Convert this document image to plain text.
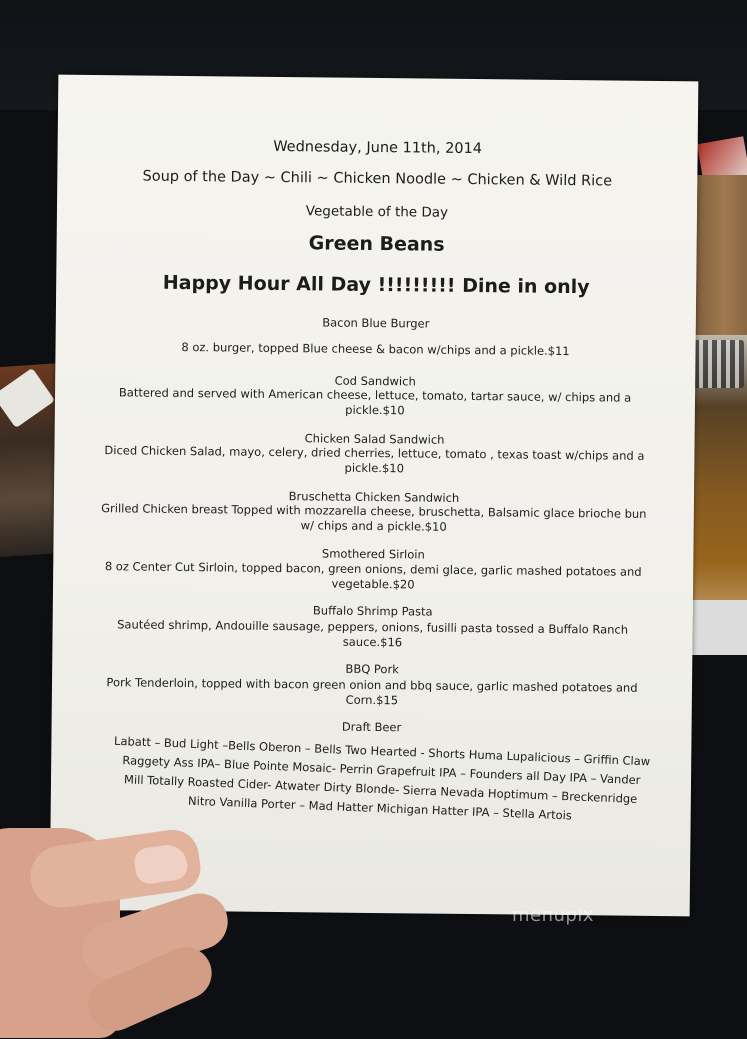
Wednesday, June 11th, 2014
Soup of the Day ~ Chili ~ Chicken Noodle ~ Chicken & Wild Rice
Vegetable of the Day
Green Beans
Happy Hour All Day !!!!!!!!! Dine in only
Bacon Blue Burger
8 oz. burger, topped Blue cheese & bacon w/chips and a pickle.$11
Cod Sandwich
Battered and served with American cheese, lettuce, tomato, tartar sauce, w/ chips and a pickle.$10
Chicken Salad Sandwich
Diced Chicken Salad, mayo, celery, dried cherries, lettuce, tomato , texas toast w/chips and a pickle.$10
Bruschetta Chicken Sandwich
Grilled Chicken breast Topped with mozzarella cheese, bruschetta, Balsamic glace brioche bun w/ chips and a pickle.$10
Smothered Sirloin
8 oz Center Cut Sirloin, topped bacon, green onions, demi glace, garlic mashed potatoes and vegetable.$20
Buffalo Shrimp Pasta
Sautéed shrimp, Andouille sausage, peppers, onions, fusilli pasta tossed a Buffalo Ranch sauce.$16
BBQ Pork
Pork Tenderloin, topped with bacon green onion and bbq sauce, garlic mashed potatoes and Corn.$15
Draft Beer
Labatt – Bud Light –Bells Oberon – Bells Two Hearted - Shorts Huma Lupalicious – Griffin Claw Raggety Ass IPA– Blue Pointe Mosaic- Perrin Grapefruit IPA – Founders all Day IPA – Vander Mill Totally Roasted Cider- Atwater Dirty Blonde- Sierra Nevada Hoptimum – Breckenridge Nitro Vanilla Porter – Mad Hatter Michigan Hatter IPA – Stella Artois
menupix
